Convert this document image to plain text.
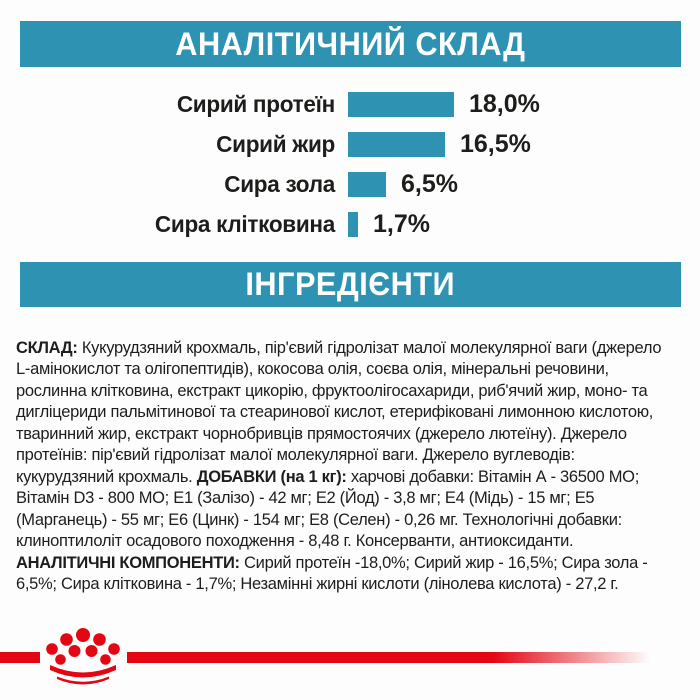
АНАЛІТИЧНИЙ СКЛАД
Сирий протеїн	18,0%
Сирий жир	16,5%
Сира зола	6,5%
Сира клітковина 1,7%
ІНГРЕДІЄНТИ

СКЛАД: Кукурудзяний крохмаль, пір'євий гідролізат малої молекулярної ваги (джерело L-амінокислот та олігопептидів), кокосова олія, соєва олія, мінеральні речовини, рослинна клітковина, екстракт цикорію, фруктоолігосахариди, риб'ячий жир, моно- та дигліцериди пальмітинової та стеаринової кислот, етерифіковані лимонною кислотою, тваринний жир, екстракт чорнобривців прямостоячих (джерело лютеїну). Джерело протеїнів: пір'євий гідролізат малої молекулярної ваги. Джерело вуглеводів: кукурудзяний крохмаль. ДОБАВКИ (на 1 кг): харчові добавки: Вітамін А - 36500 МО; Вітамін D3 - 800 МО; Е1 (Залізо) - 42 мг; Е2 (Йод) - 3,8 мг; Е4 (Мідь) - 15 мг; Е5 (Марганець) - 55 мг; Е6 (Цинк) - 154 мг; Е8 (Селен) - 0,26 мг. Технологічні добавки: клиноптилоліт осадового походження - 8,48 г. Консерванти, антиоксиданти. АНАЛІТИЧНІ КОМПОНЕНТИ: Сирий протеїн -18,0%; Сирий жир - 16,5%; Сира зола - 6,5%; Сира клітковина - 1,7%; Незамінні жирні кислоти (лінолева кислота) - 27,2 г.
